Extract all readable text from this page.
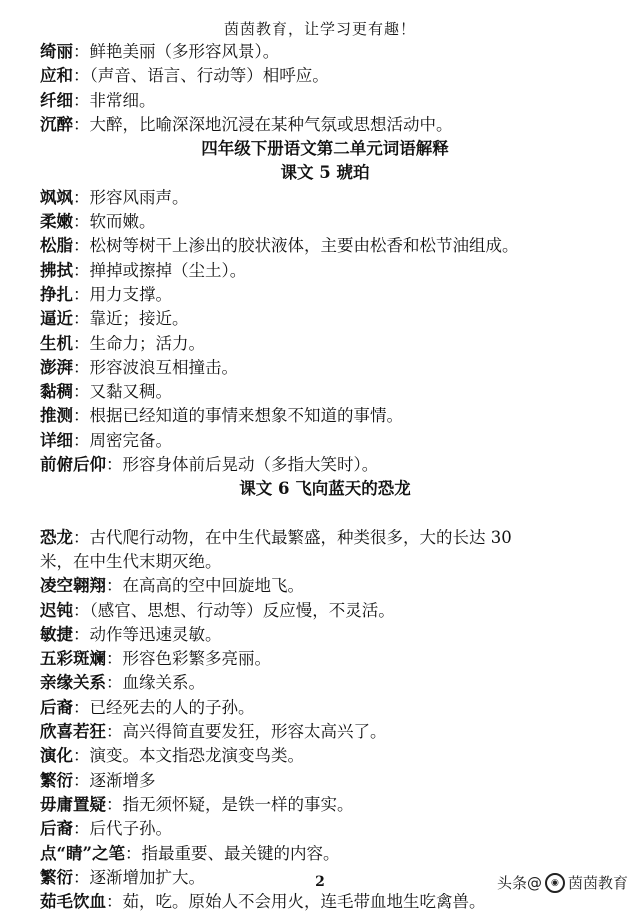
茵茵教育，让学习更有趣！
绮丽：鲜艳美丽（多形容风景）。
应和：（声音、语言、行动等）相呼应。
纤细：非常细。
沉醉：大醉，比喻深深地沉浸在某种气氛或思想活动中。
四年级下册语文第二单元词语解释
课文 5 琥珀
飒飒：形容风雨声。
柔嫩：软而嫩。
松脂：松树等树干上渗出的胶状液体，主要由松香和松节油组成。
拂拭：掸掉或擦掉（尘土）。
挣扎：用力支撑。
逼近：靠近；接近。
生机：生命力；活力。
澎湃：形容波浪互相撞击。
黏稠：又黏又稠。
推测：根据已经知道的事情来想象不知道的事情。
详细：周密完备。
前俯后仰：形容身体前后晃动（多指大笑时）。
课文 6 飞向蓝天的恐龙
恐龙：古代爬行动物，在中生代最繁盛，种类很多，大的长达 30
米，在中生代末期灭绝。
凌空翱翔：在高高的空中回旋地飞。
迟钝：（感官、思想、行动等）反应慢，不灵活。
敏捷：动作等迅速灵敏。
五彩斑斓：形容色彩繁多亮丽。
亲缘关系：血缘关系。
后裔：已经死去的人的子孙。
欣喜若狂：高兴得简直要发狂，形容太高兴了。
演化：演变。本文指恐龙演变鸟类。
繁衍：逐渐增多
毋庸置疑：指无须怀疑，是铁一样的事实。
后裔：后代子孙。
点“睛”之笔：指最重要、最关键的内容。
繁衍：逐渐增加扩大。
茹毛饮血：茹，吃。原始人不会用火，连毛带血地生吃禽兽。
2	头条 @	◉ 茵茵教育
